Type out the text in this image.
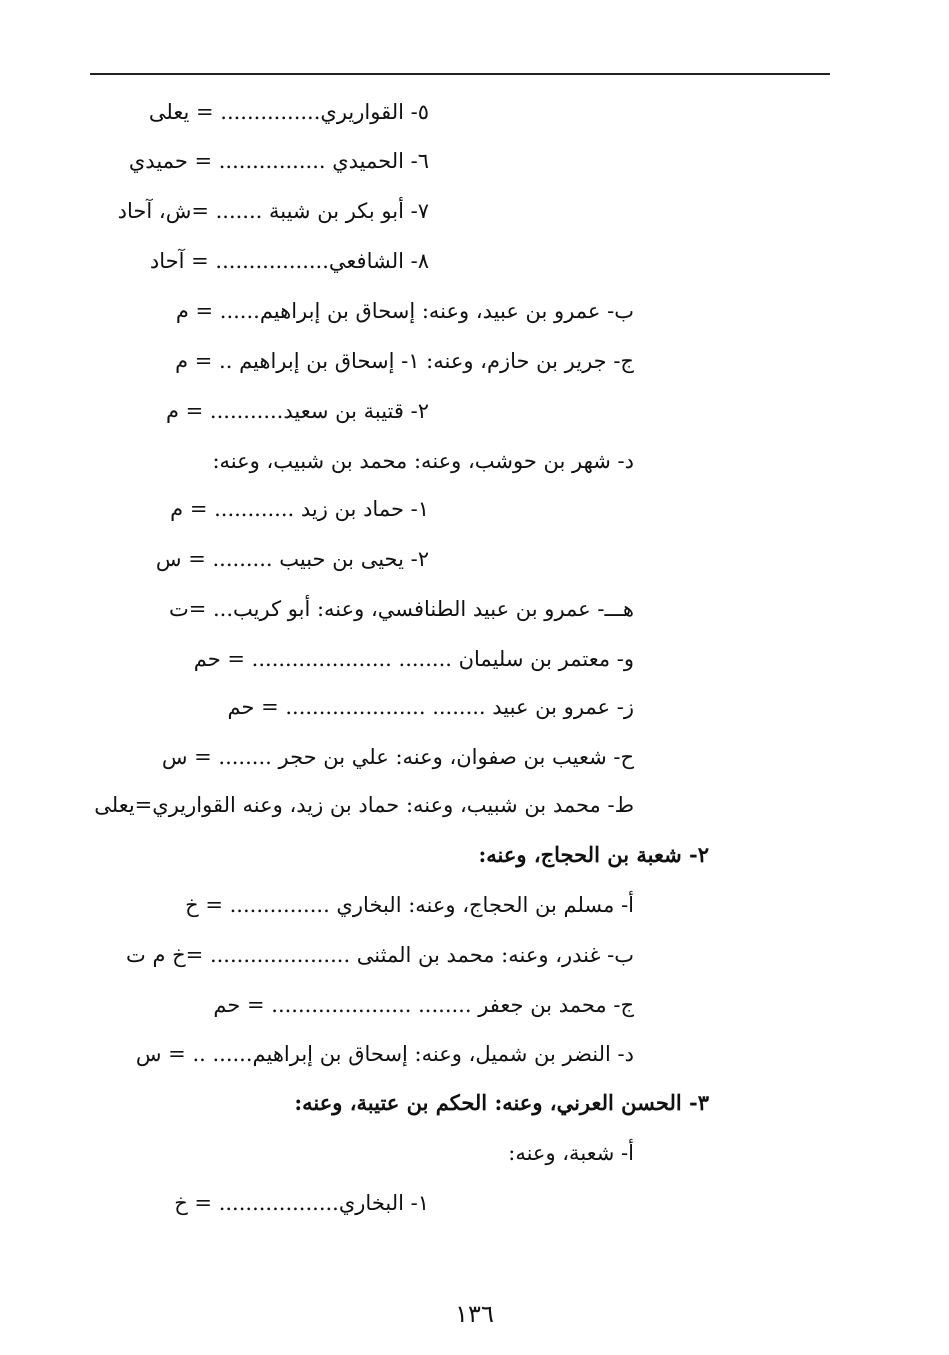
٥- القواريري............... = يعلى
٦- الحميدي ................ = حميدي
٧- أبو بكر بن شيبة ....... =ش، آحاد
٨- الشافعي................. = آحاد
ب- عمرو بن عبيد، وعنه: إسحاق بن إبراهيم...... = م
ج- جرير بن حازم، وعنه: ١- إسحاق بن إبراهيم .. = م
٢- قتيبة بن سعيد........... = م
د- شهر بن حوشب، وعنه: محمد بن شبيب، وعنه:
١- حماد بن زيد ............ = م
٢- يحيى بن حبيب ......... = س
هـــ- عمرو بن عبيد الطنافسي، وعنه: أبو كريب... =ت
و- معتمر بن سليمان ........ ..................... = حم
ز- عمرو بن عبيد ........ ..................... = حم
ح- شعيب بن صفوان، وعنه: علي بن حجر ........ = س
ط- محمد بن شبيب، وعنه: حماد بن زيد، وعنه القواريري=يعلى
٢- شعبة بن الحجاج، وعنه:
أ- مسلم بن الحجاج، وعنه: البخاري ............... = خ
ب- غندر، وعنه: محمد بن المثنى ..................... =خ م ت
ج- محمد بن جعفر ........ ..................... = حم
د- النضر بن شميل، وعنه: إسحاق بن إبراهيم...... .. = س
٣- الحسن العرني، وعنه: الحكم بن عتيبة، وعنه:
أ- شعبة، وعنه:
١- البخاري.................. = خ
١٣٦
